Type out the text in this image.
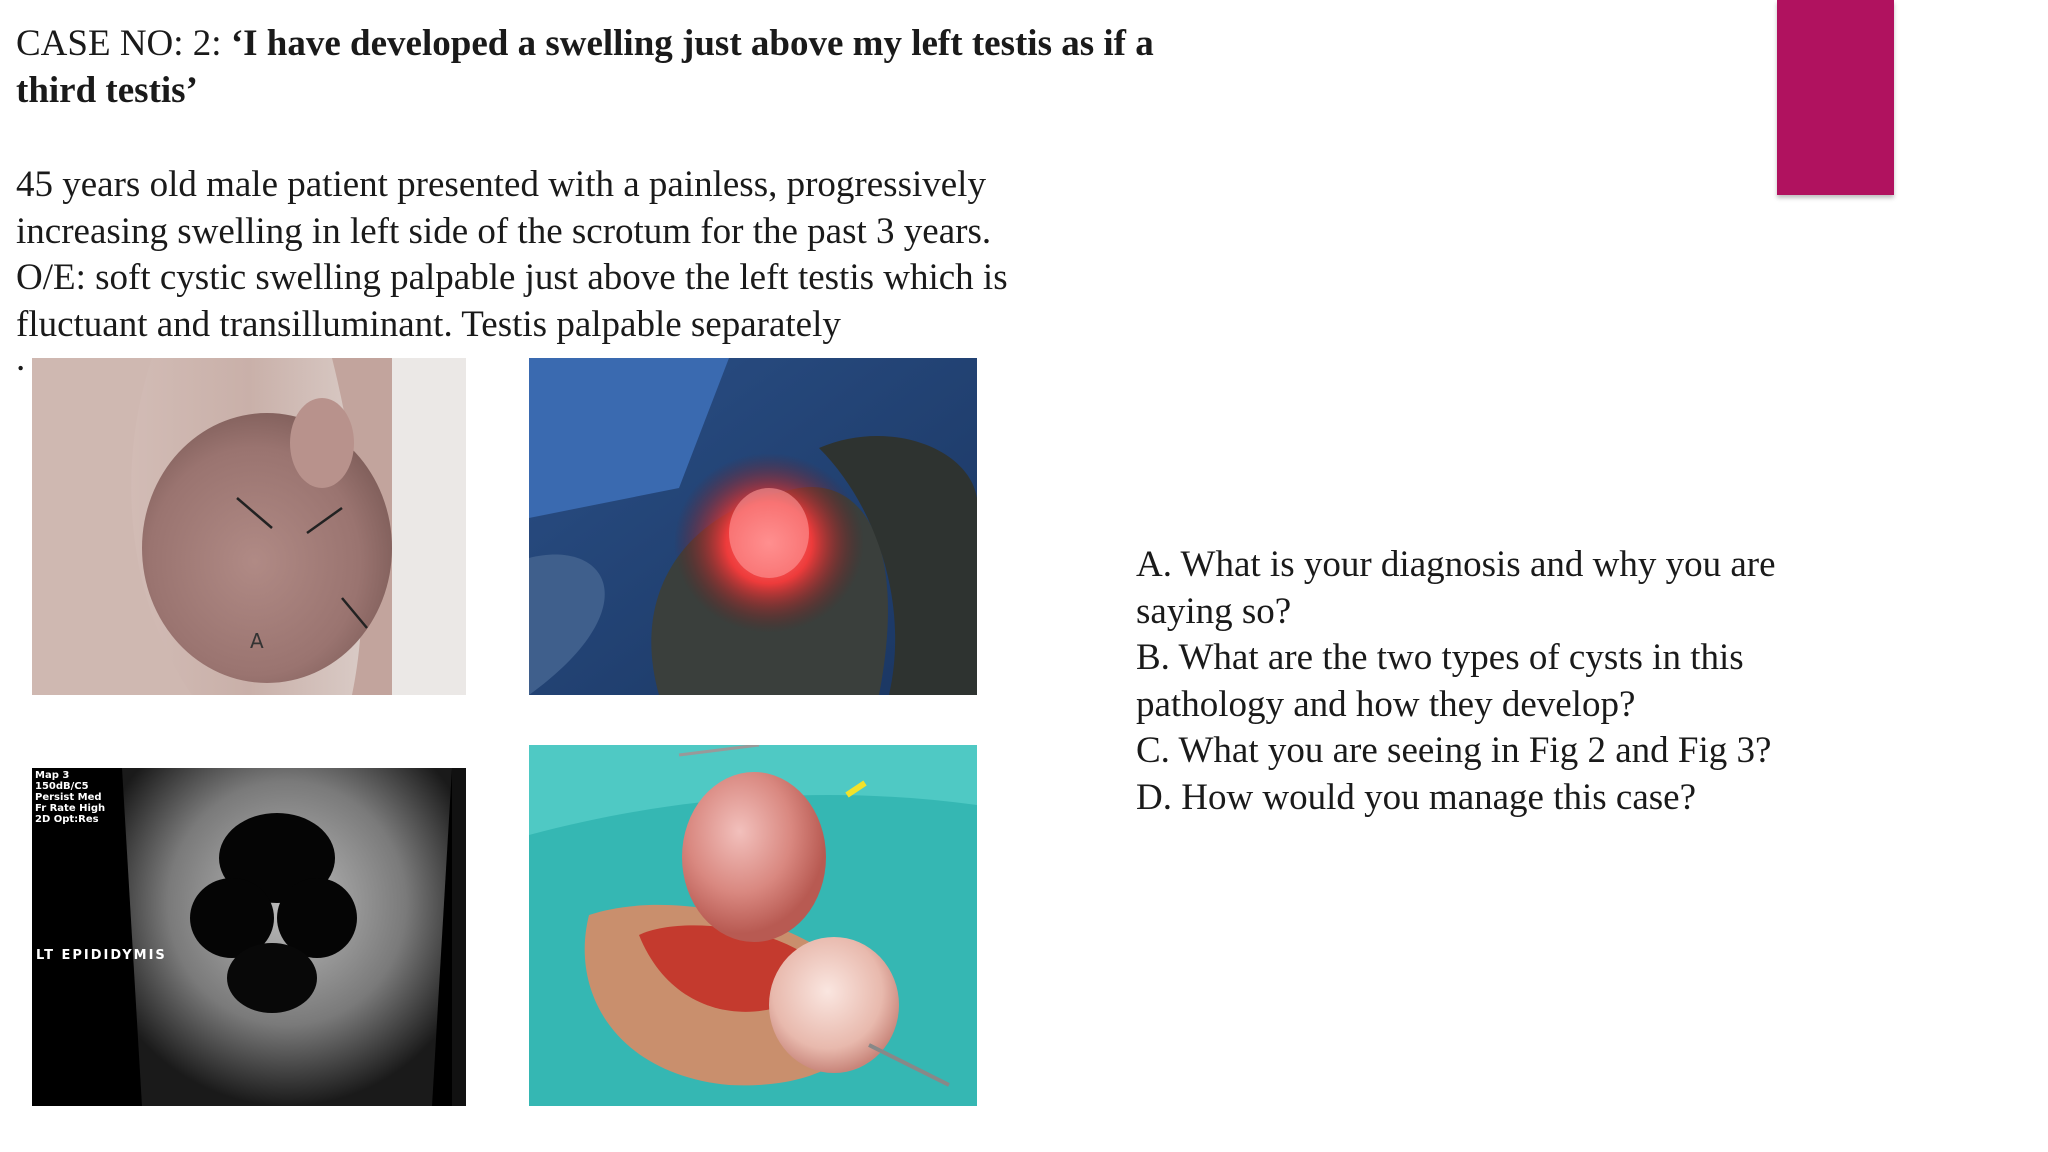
CASE NO: 2: ‘I have developed a swelling just above my left testis as if a
third testis’
45 years old male patient presented with a painless, progressively
increasing swelling in left side of the scrotum for the past 3 years.
O/E: soft cystic swelling palpable just above the left testis which is
fluctuant and transilluminant. Testis palpable separately
.
A. What is your diagnosis and why you are
saying so?
B. What are the two types of cysts in this
pathology and how they develop?
C. What you are seeing in Fig 2 and Fig 3?
D. How would you manage this case?
A
Map 3
150dB/C5
Persist Med
Fr Rate High
2D Opt:Res
LT EPIDIDYMIS
